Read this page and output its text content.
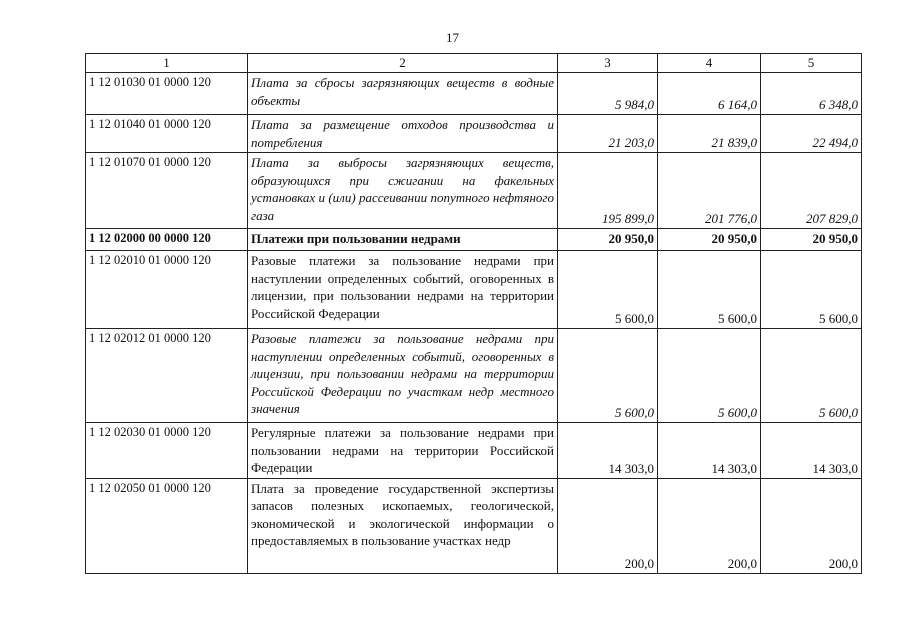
17
1	2	3	4	5
1 12 01030 01 0000 120	Плата за сбросы загрязняющих веществ в водные объекты	5 984,0	6 164,0	6 348,0
1 12 01040 01 0000 120	Плата за размещение отходов производства и потребления	21 203,0	21 839,0	22 494,0
1 12 01070 01 0000 120	Плата за выбросы загрязняющих веществ, образующихся при сжигании на факельных установках и (или) рассеивании попутного нефтяного газа	195 899,0	201 776,0	207 829,0
1 12 02000 00 0000 120	Платежи при пользовании недрами	20 950,0	20 950,0	20 950,0
1 12 02010 01 0000 120	Разовые платежи за пользование недрами при наступлении определенных событий, оговоренных в лицензии, при пользовании недрами на территории Российской Федерации	5 600,0	5 600,0	5 600,0
1 12 02012 01 0000 120	Разовые платежи за пользование недрами при наступлении определенных событий, оговоренных в лицензии, при пользовании недрами на территории Российской Федерации по участкам недр местного значения	5 600,0	5 600,0	5 600,0
1 12 02030 01 0000 120	Регулярные платежи за пользование недрами при пользовании недрами на территории Российской Федерации	14 303,0	14 303,0	14 303,0
1 12 02050 01 0000 120	Плата за проведение государственной экспертизы запасов полезных ископаемых, геологической, экономической и экологической информации о предоставляемых в пользование участках недр	200,0	200,0	200,0
